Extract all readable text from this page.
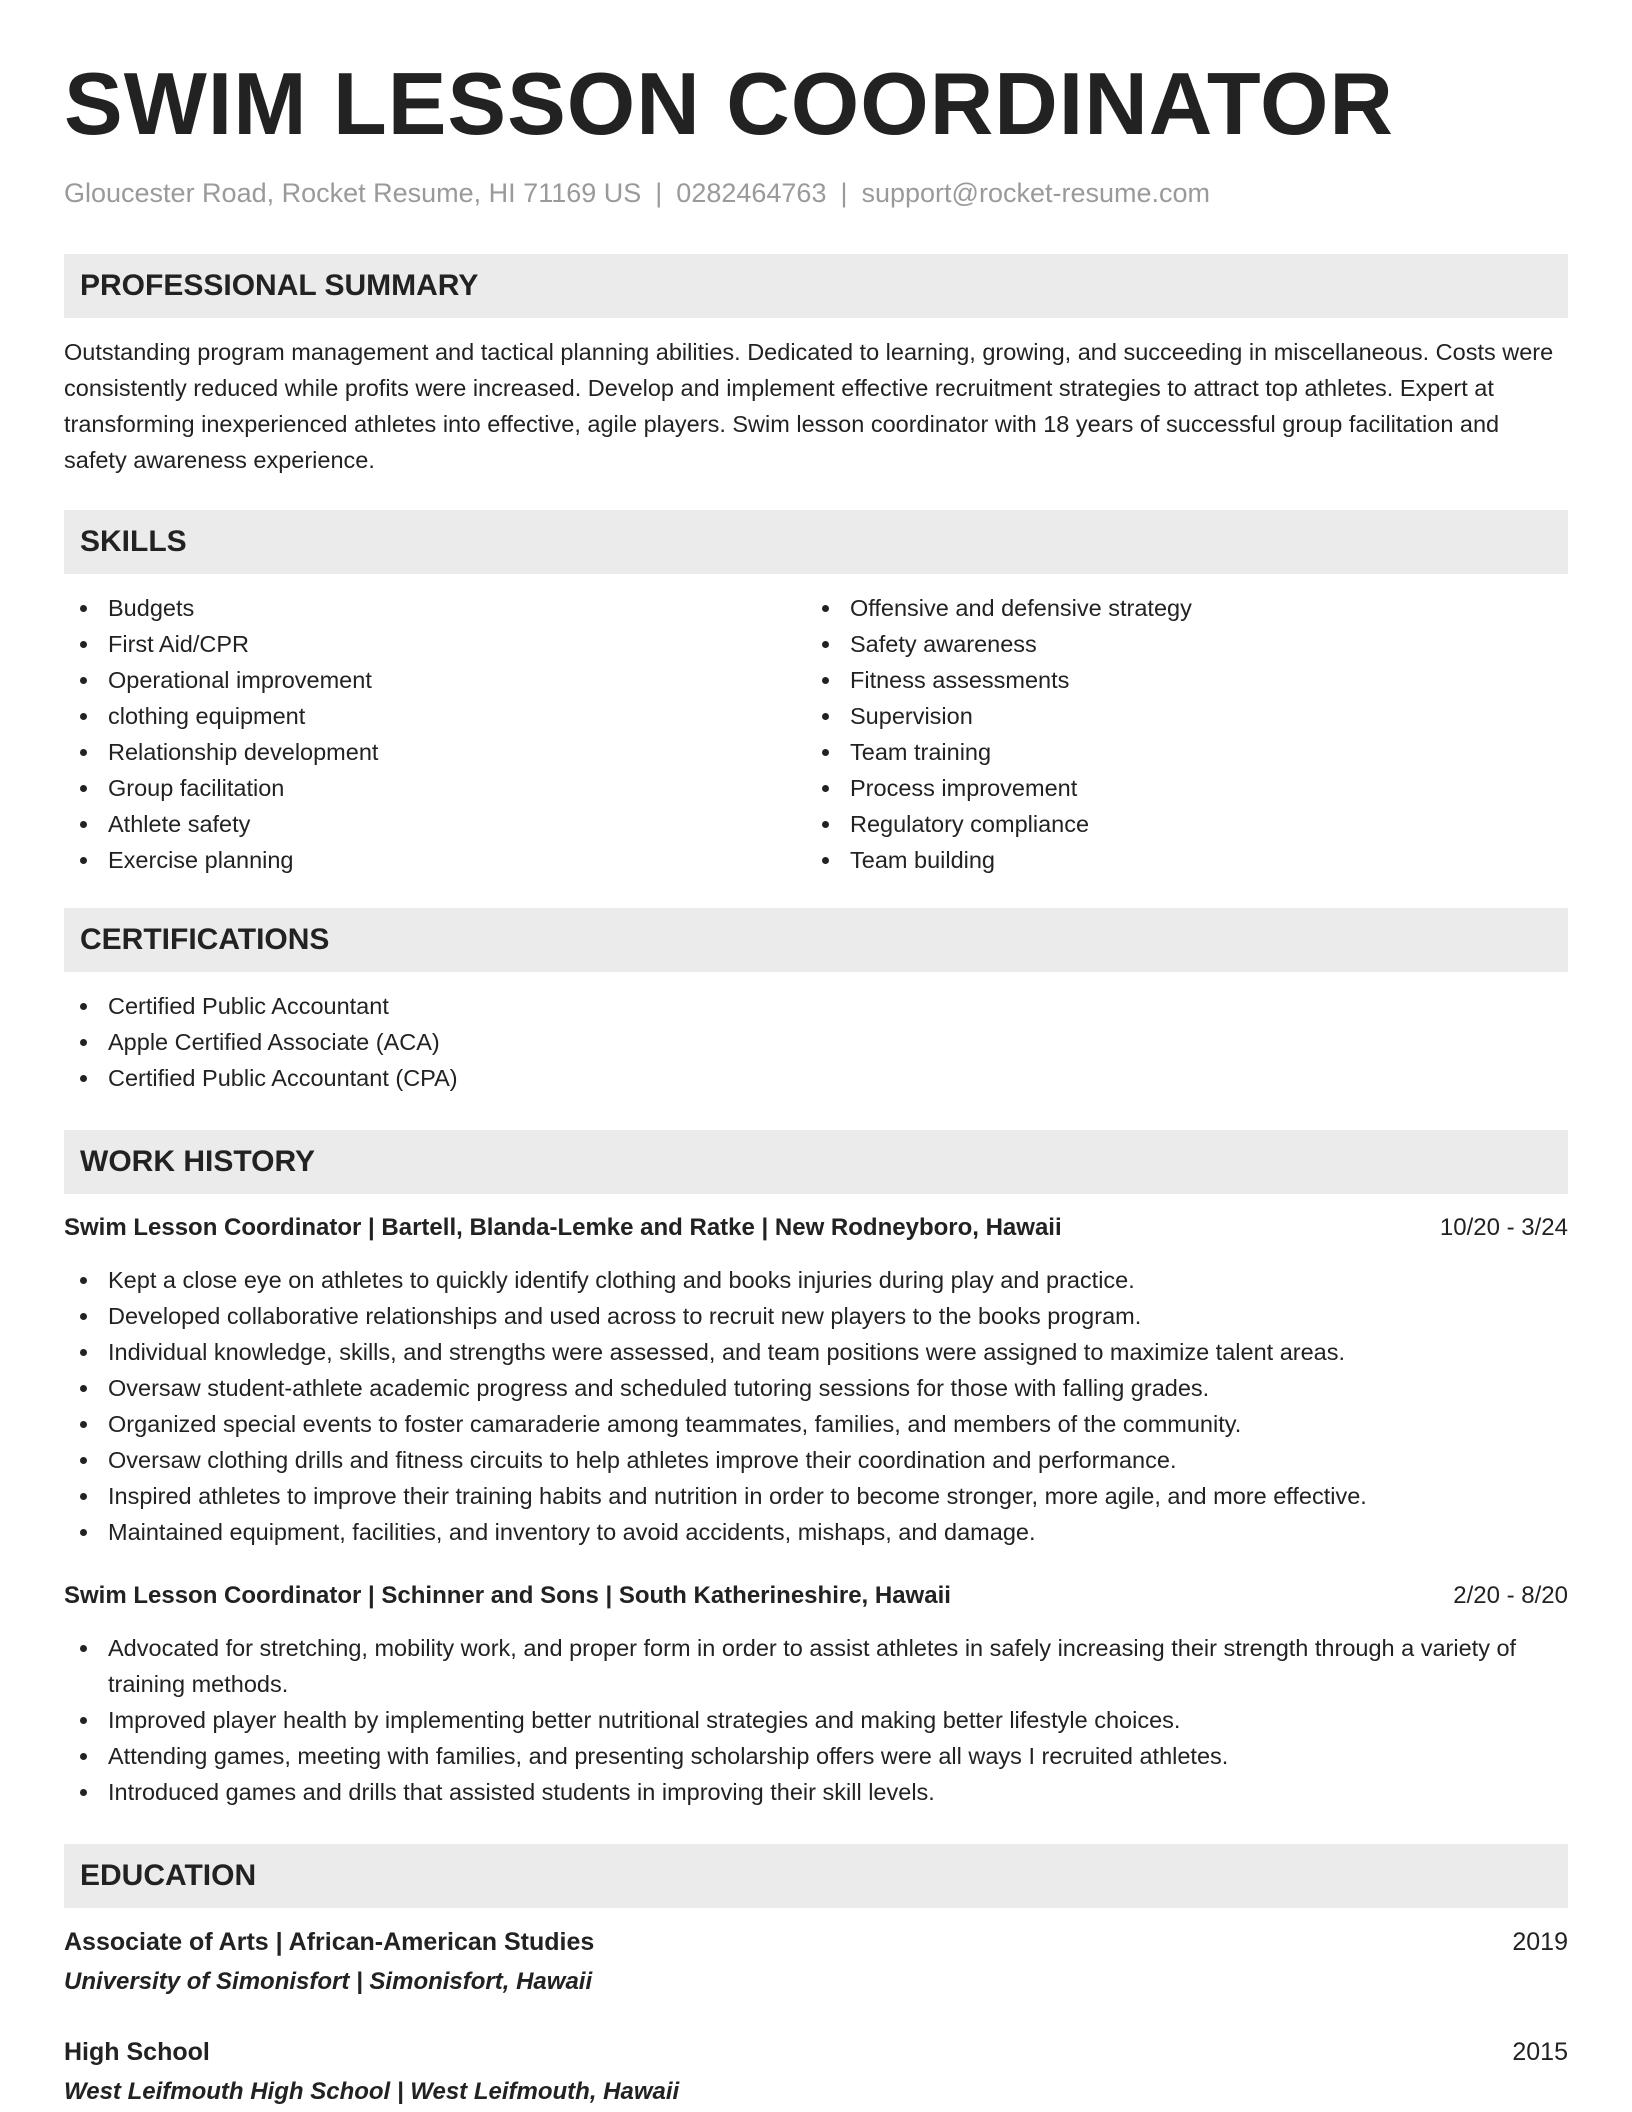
SWIM LESSON COORDINATOR
Gloucester Road, Rocket Resume, HI 71169 US | 0282464763 | support@rocket-resume.com
PROFESSIONAL SUMMARY

Outstanding program management and tactical planning abilities. Dedicated to learning, growing, and succeeding in miscellaneous. Costs were consistently reduced while profits were increased. Develop and implement effective recruitment strategies to attract top athletes. Expert at transforming inexperienced athletes into effective, agile players. Swim lesson coordinator with 18 years of successful group facilitation and safety awareness experience.

SKILLS
Budgets
First Aid/CPR
Operational improvement
clothing equipment
Relationship development
Group facilitation
Athlete safety
Exercise planning
Offensive and defensive strategy
Safety awareness
Fitness assessments
Supervision
Team training
Process improvement
Regulatory compliance
Team building
CERTIFICATIONS
Certified Public Accountant
Apple Certified Associate (ACA)
Certified Public Accountant (CPA)
WORK HISTORY
Swim Lesson Coordinator | Bartell, Blanda-Lemke and Ratke | New Rodneyboro, Hawaii	10/20 - 3/24
Kept a close eye on athletes to quickly identify clothing and books injuries during play and practice.
Developed collaborative relationships and used across to recruit new players to the books program.
Individual knowledge, skills, and strengths were assessed, and team positions were assigned to maximize talent areas.
Oversaw student-athlete academic progress and scheduled tutoring sessions for those with falling grades.
Organized special events to foster camaraderie among teammates, families, and members of the community.
Oversaw clothing drills and fitness circuits to help athletes improve their coordination and performance.
Inspired athletes to improve their training habits and nutrition in order to become stronger, more agile, and more effective.
Maintained equipment, facilities, and inventory to avoid accidents, mishaps, and damage.
Swim Lesson Coordinator | Schinner and Sons | South Katherineshire, Hawaii	2/20 - 8/20
Advocated for stretching, mobility work, and proper form in order to assist athletes in safely increasing their strength through a variety of training methods.
Improved player health by implementing better nutritional strategies and making better lifestyle choices.
Attending games, meeting with families, and presenting scholarship offers were all ways I recruited athletes.
Introduced games and drills that assisted students in improving their skill levels.
EDUCATION
Associate of Arts | African-American Studies	2019
University of Simonisfort | Simonisfort, Hawaii
High School	2015
West Leifmouth High School | West Leifmouth, Hawaii
